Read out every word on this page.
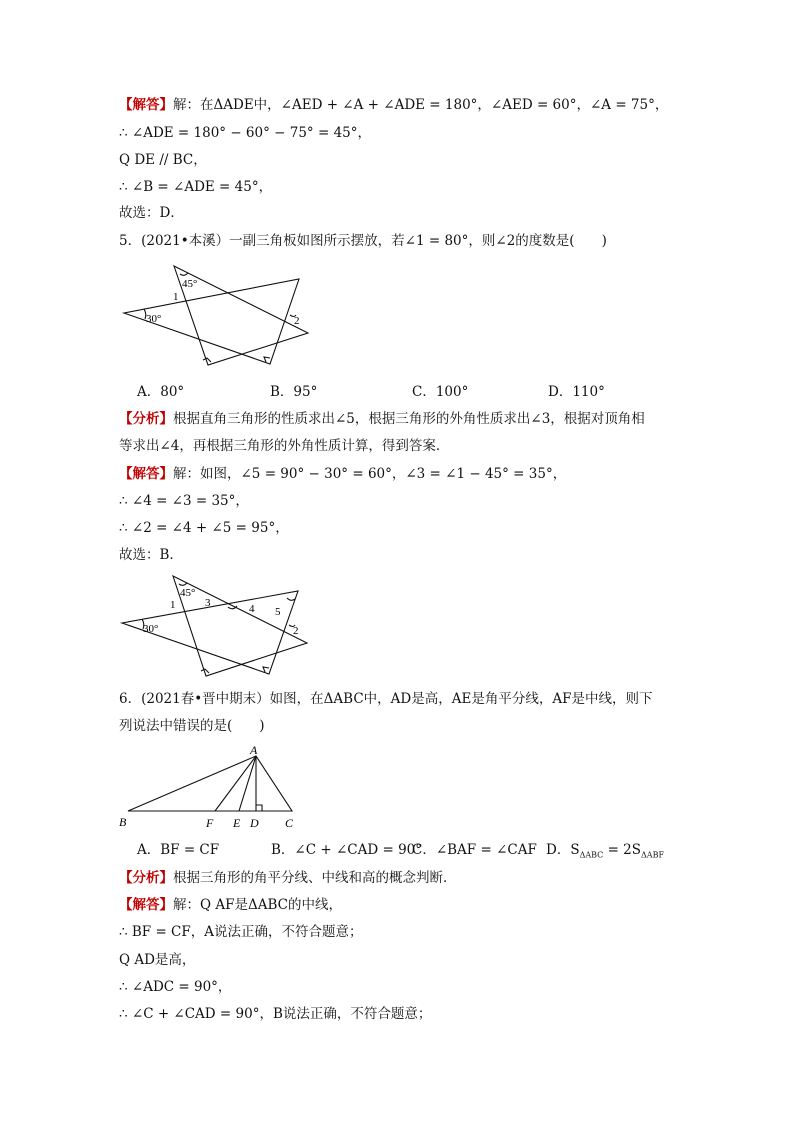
【解答】解：在ΔADE中，∠AED + ∠A + ∠ADE = 180°，∠AED = 60°，∠A = 75°，
∴ ∠ADE = 180° − 60° − 75° = 45°，
Q DE // BC，
∴ ∠B = ∠ADE = 45°，
故选：D．
5．(2021•本溪）一副三角板如图所示摆放，若∠1 = 80°，则∠2的度数是(　　)
45°
30°
1
2
A．80°	B．95°	C．100°	D．110°
【分析】根据直角三角形的性质求出∠5，根据三角形的外角性质求出∠3，根据对顶角相
等求出∠4，再根据三角形的外角性质计算，得到答案．
【解答】解：如图，∠5 = 90° − 30° = 60°，∠3 = ∠1 − 45° = 35°，
∴ ∠4 = ∠3 = 35°，
∴ ∠2 = ∠4 + ∠5 = 95°，
故选：B．
45°
30°
1
2
3	4 5
6．(2021春•晋中期末）如图，在ΔABC中，AD是高，AE是角平分线，AF是中线，则下
列说法中错误的是(　　)
A
B	F E D C
A．BF = CF	B．∠C + ∠CAD = 90°
C．∠BAF = ∠CAF D．$S_{\Delta ABC} = 2S_{\Delta ABF}$
【分析】根据三角形的角平分线、中线和高的概念判断．
【解答】解：Q AF是ΔABC的中线，
∴ BF = CF，A说法正确，不符合题意；
Q AD是高，
∴ ∠ADC = 90°，
∴ ∠C + ∠CAD = 90°，B说法正确，不符合题意；
